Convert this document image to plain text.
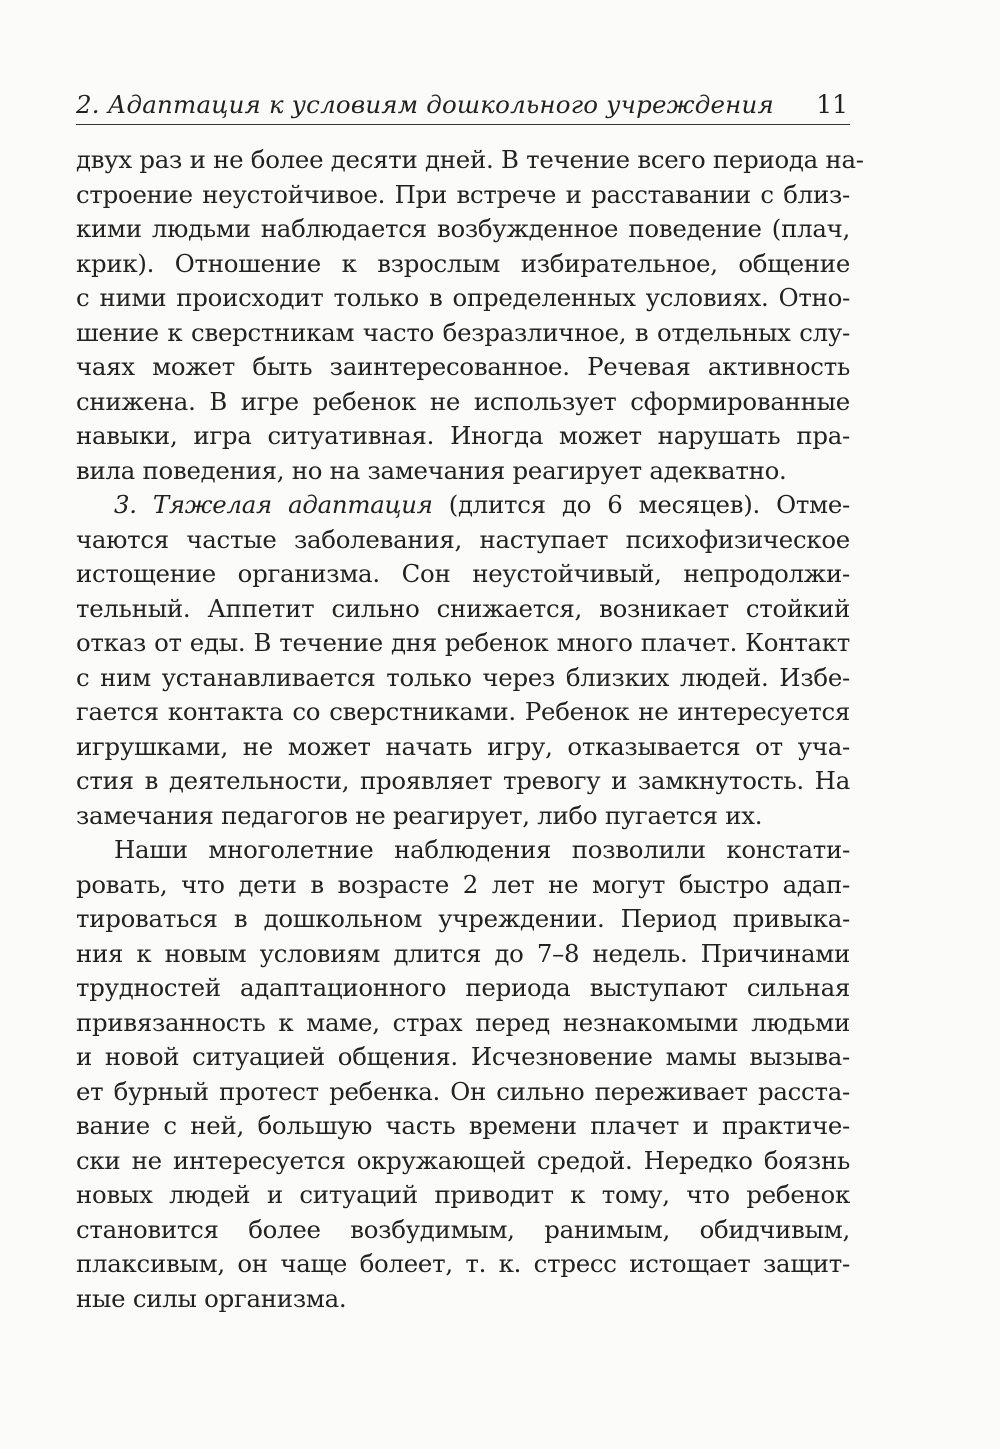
2. Адаптация к условиям дошкольного учреждения 11
двух раз и не более десяти дней. В течение всего периода на-
строение неустойчивое. При встрече и расставании с близ-
кими людьми наблюдается возбужденное поведение (плач,
крик). Отношение к взрослым избирательное, общение
с ними происходит только в определенных условиях. Отно-
шение к сверстникам часто безразличное, в отдельных слу-
чаях может быть заинтересованное. Речевая активность
снижена. В игре ребенок не использует сформированные
навыки, игра ситуативная. Иногда может нарушать пра-
вила поведения, но на замечания реагирует адекватно.
3. Тяжелая адаптация (длится до 6 месяцев). Отме-
чаются частые заболевания, наступает психофизическое
истощение организма. Сон неустойчивый, непродолжи-
тельный. Аппетит сильно снижается, возникает стойкий
отказ от еды. В течение дня ребенок много плачет. Контакт
с ним устанавливается только через близких людей. Избе-
гается контакта со сверстниками. Ребенок не интересуется
игрушками, не может начать игру, отказывается от уча-
стия в деятельности, проявляет тревогу и замкнутость. На
замечания педагогов не реагирует, либо пугается их.
Наши многолетние наблюдения позволили констати-
ровать, что дети в возрасте 2 лет не могут быстро адап-
тироваться в дошкольном учреждении. Период привыка-
ния к новым условиям длится до 7–8 недель. Причинами
трудностей адаптационного периода выступают сильная
привязанность к маме, страх перед незнакомыми людьми
и новой ситуацией общения. Исчезновение мамы вызыва-
ет бурный протест ребенка. Он сильно переживает расста-
вание с ней, большую часть времени плачет и практиче-
ски не интересуется окружающей средой. Нередко боязнь
новых людей и ситуаций приводит к тому, что ребенок
становится более возбудимым, ранимым, обидчивым,
плаксивым, он чаще болеет, т. к. стресс истощает защит-
ные силы организма.
